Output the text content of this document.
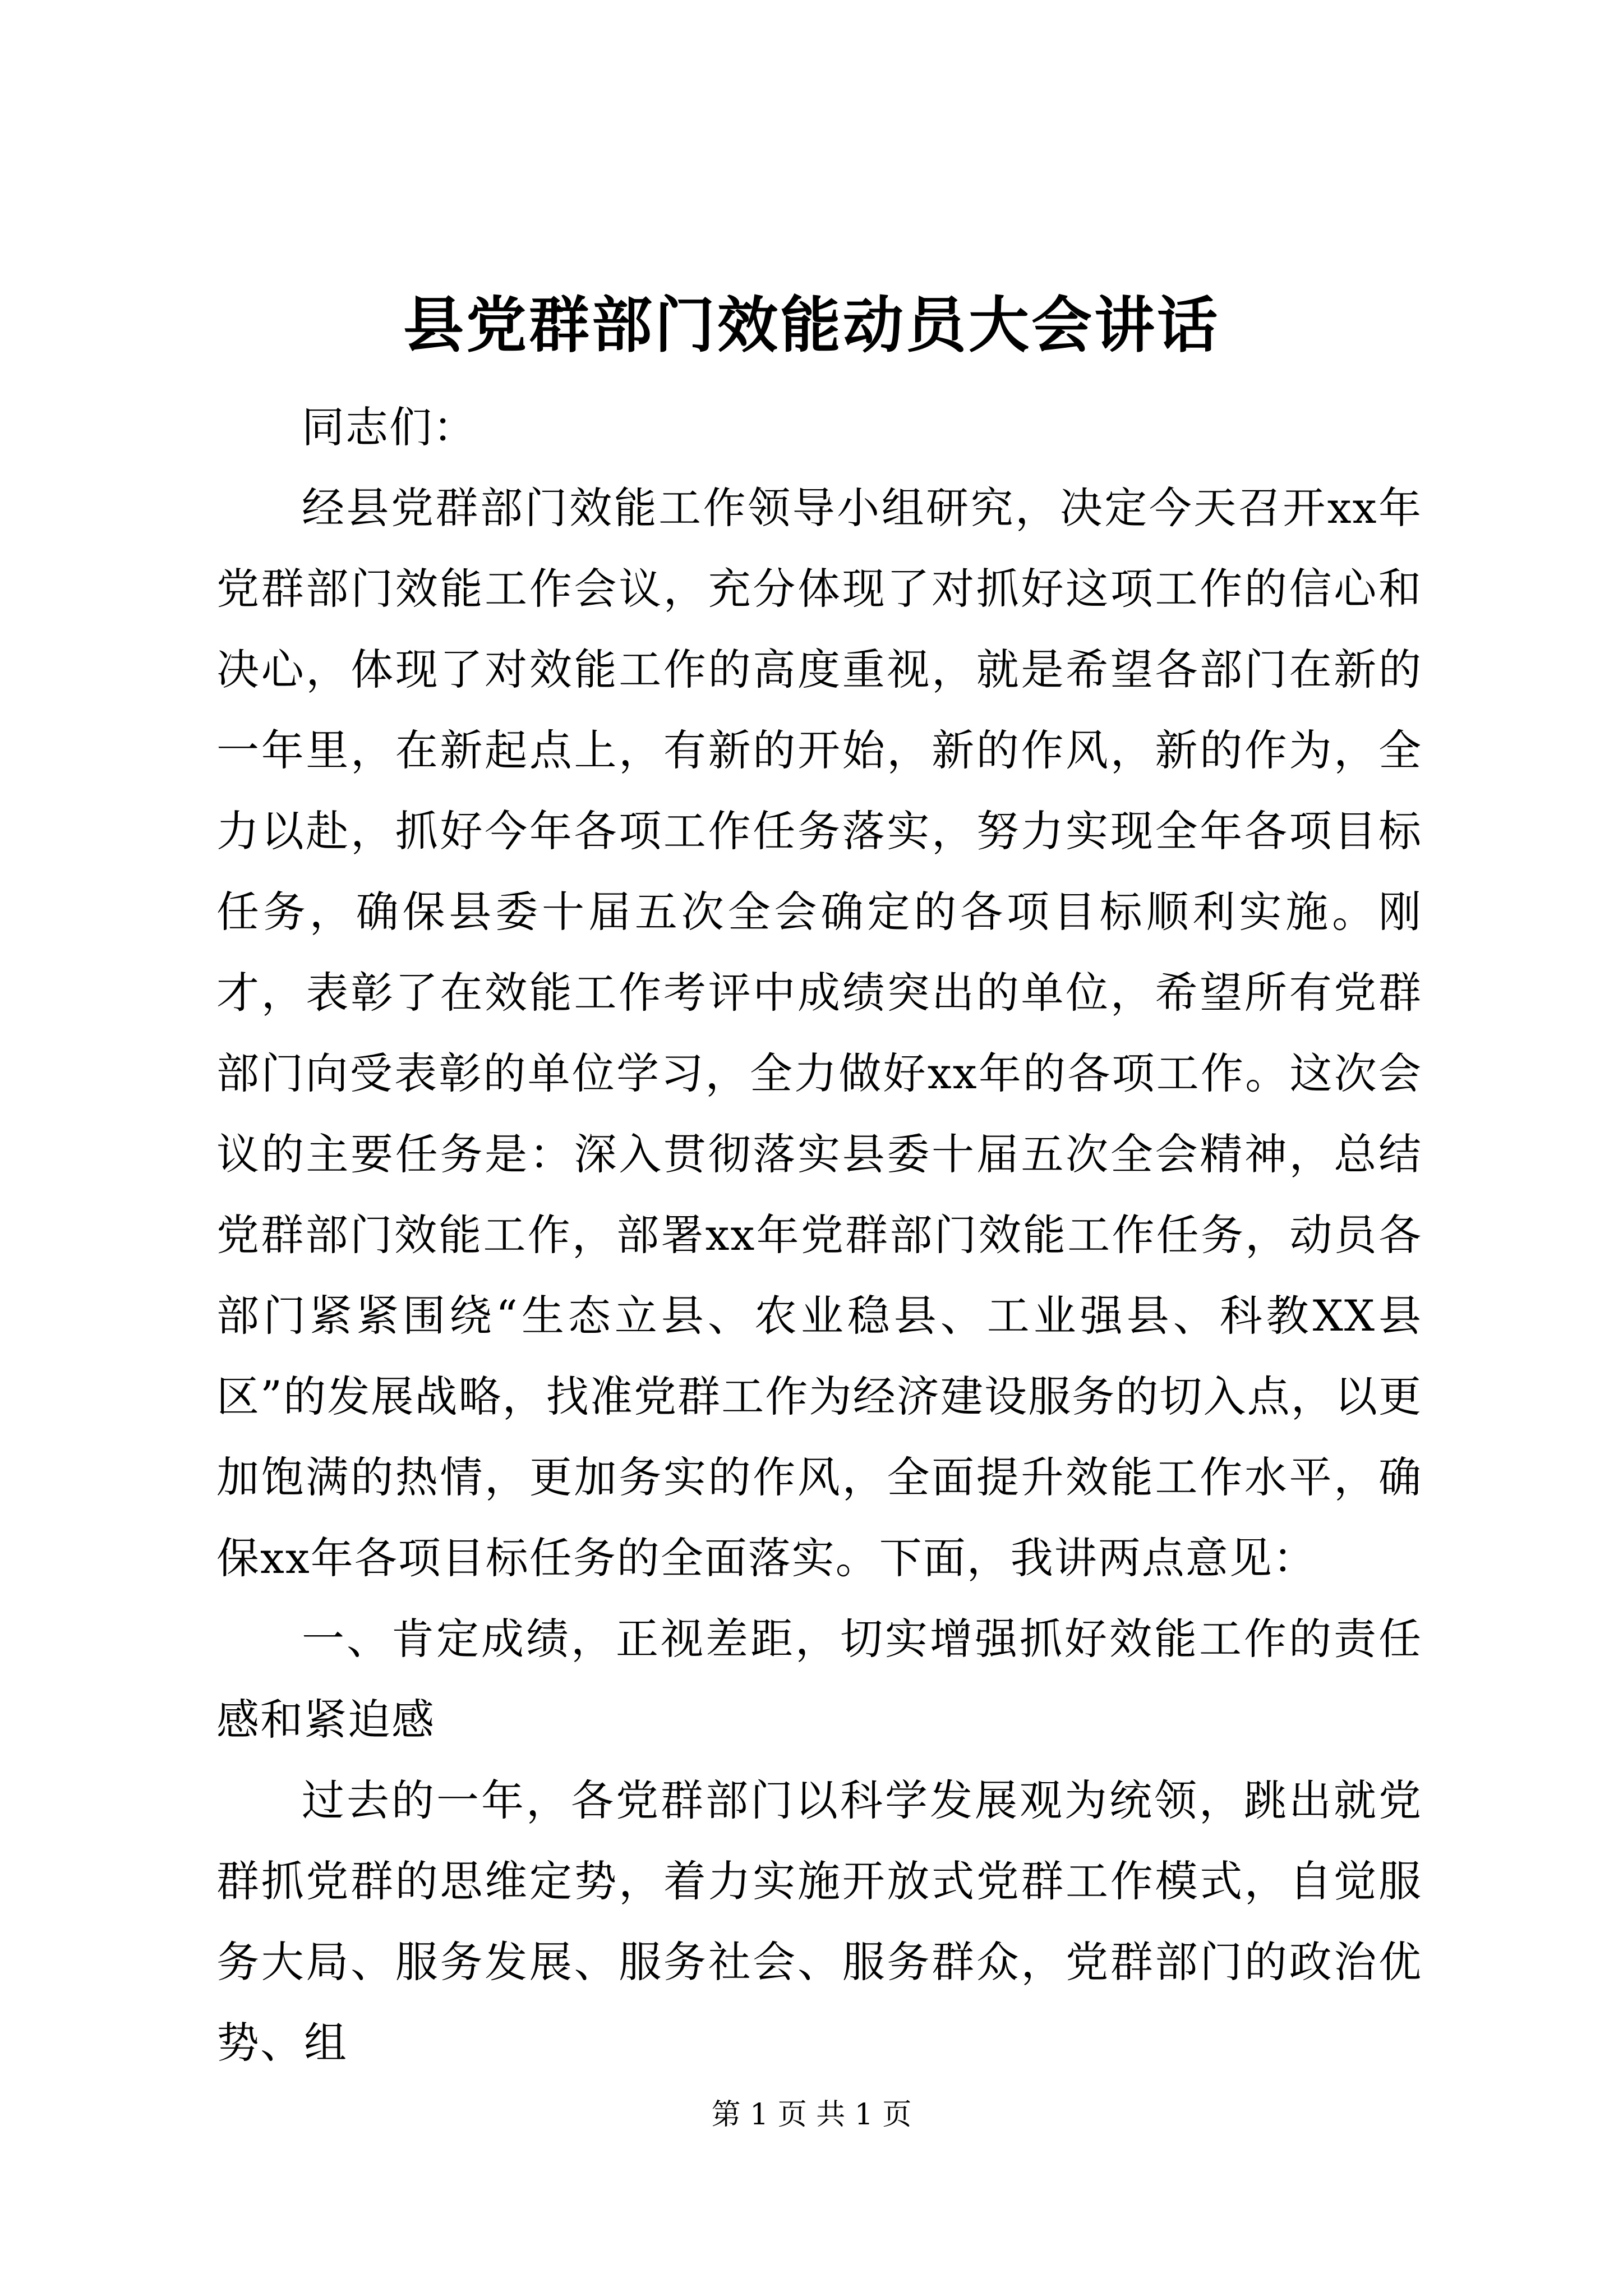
县党群部门效能动员大会讲话

同志们：

经县党群部门效能工作领导小组研究，决定今天召开xx年党群部门效能工作会议，充分体现了对抓好这项工作的信心和决心，体现了对效能工作的高度重视，就是希望各部门在新的一年里，在新起点上，有新的开始，新的作风，新的作为，全力以赴，抓好今年各项工作任务落实，努力实现全年各项目标任务，确保县委十届五次全会确定的各项目标顺利实施。刚才，表彰了在效能工作考评中成绩突出的单位，希望所有党群部门向受表彰的单位学习，全力做好xx年的各项工作。这次会议的主要任务是：深入贯彻落实县委十届五次全会精神，总结党群部门效能工作，部署xx年党群部门效能工作任务，动员各部门紧紧围绕“生态立县、农业稳县、工业强县、科教XX县区”的发展战略，找准党群工作为经济建设服务的切入点，以更加饱满的热情，更加务实的作风，全面提升效能工作水平，确保xx年各项目标任务的全面落实。下面，我讲两点意见：

一、肯定成绩，正视差距，切实增强抓好效能工作的责任感和紧迫感

过去的一年，各党群部门以科学发展观为统领，跳出就党群抓党群的思维定势，着力实施开放式党群工作模式，自觉服务大局、服务发展、服务社会、服务群众，党群部门的政治优势、组

第 1 页 共 1 页
